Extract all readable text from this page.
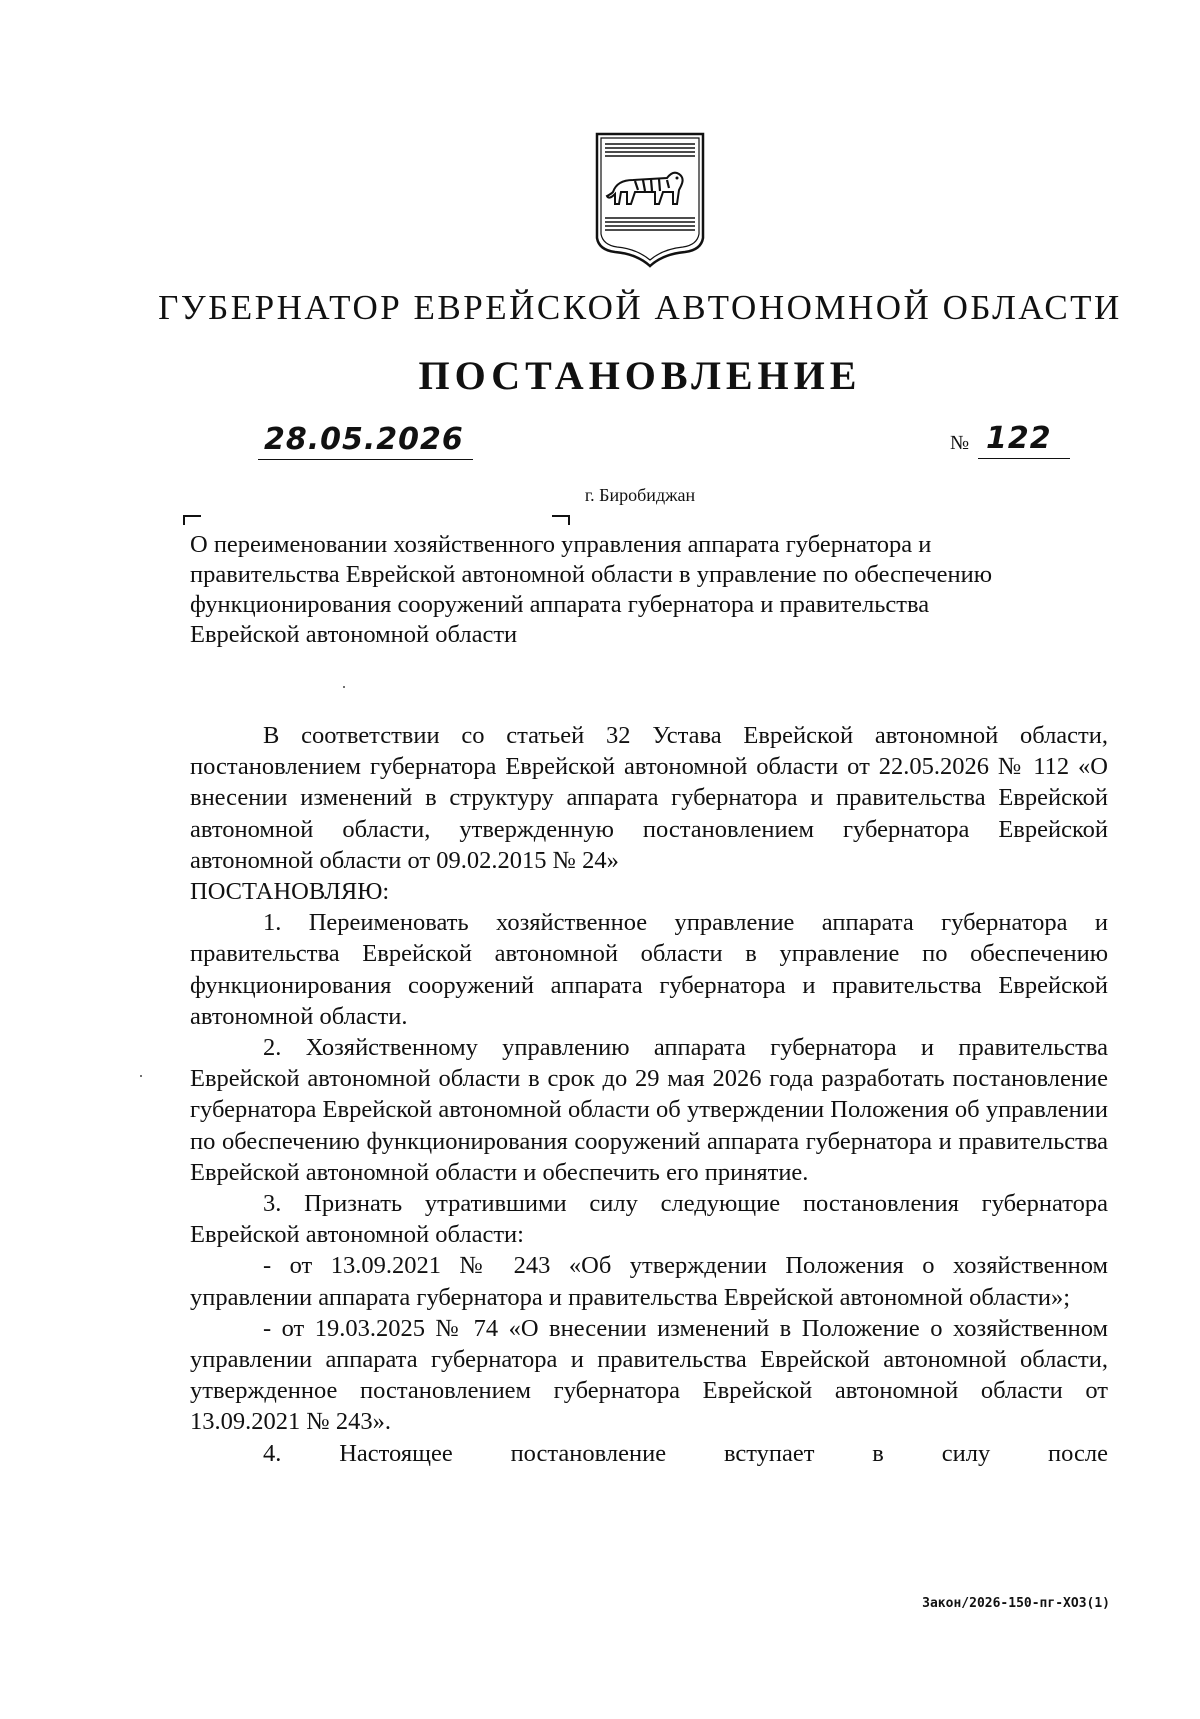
ГУБЕРНАТОР ЕВРЕЙСКОЙ АВТОНОМНОЙ ОБЛАСТИ
ПОСТАНОВЛЕНИЕ
28.05.2026	№ 122
г. Биробиджан

О переименовании хозяйственного управления аппарата губернатора и

правительства Еврейской автономной области в управление по обеспечению

функционирования сооружений аппарата губернатора и правительства

Еврейской автономной области

В соответствии со статьей 32 Устава Еврейской автономной области, постановлением губернатора Еврейской автономной области от 22.05.2026 № 112 «О внесении изменений в структуру аппарата губернатора и правительства Еврейской автономной области, утвержденную постановлением губернатора Еврейской автономной области от 09.02.2015 № 24»

ПОСТАНОВЛЯЮ:

1. Переименовать хозяйственное управление аппарата губернатора и правительства Еврейской автономной области в управление по обеспечению функционирования сооружений аппарата губернатора и правительства Еврейской автономной области.

2. Хозяйственному управлению аппарата губернатора и правительства Еврейской автономной области в срок до 29 мая 2026 года разработать постановление губернатора Еврейской автономной области об утверждении Положения об управлении по обеспечению функционирования сооружений аппарата губернатора и правительства Еврейской автономной области и обеспечить его принятие.

3. Признать утратившими силу следующие постановления губернатора Еврейской автономной области:

- от 13.09.2021 № 243 «Об утверждении Положения о хозяйственном управлении аппарата губернатора и правительства Еврейской автономной области»;

- от 19.03.2025 № 74 «О внесении изменений в Положение о хозяйственном управлении аппарата губернатора и правительства Еврейской автономной области, утвержденное постановлением губернатора Еврейской автономной области от 13.09.2021 № 243».

4. Настоящее постановление вступает в силу после

Закон/2026-150-пг-ХОЗ(1)
